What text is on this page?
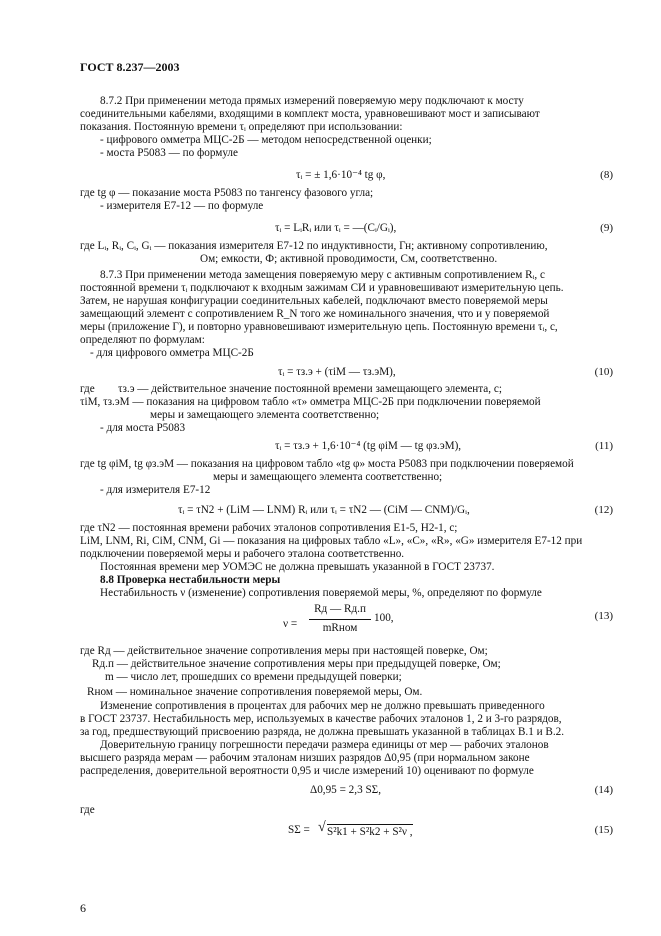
ГОСТ 8.237—2003
8.7.2 При применении метода прямых измерений поверяемую меру подключают к мосту
соединительными кабелями, входящими в комплект моста, уравновешивают мост и записывают
показания. Постоянную времени τᵢ определяют при использовании:
- цифрового омметра МЦС-2Б — методом непосредственной оценки;
- моста Р5083 — по формуле
τᵢ = ± 1,6·10⁻⁴ tg φ,	(8)
где tg φ — показание моста Р5083 по тангенсу фазового угла;
- измерителя Е7-12 — по формуле
τᵢ = LᵢRᵢ или τᵢ = —(Cᵢ/Gᵢ),	(9)
где Lᵢ, Rᵢ, Cᵢ, Gᵢ — показания измерителя Е7-12 по индуктивности, Гн; активному сопротивлению,
Ом; емкости, Ф; активной проводимости, См, соответственно.
8.7.3 При применении метода замещения поверяемую меру с активным сопротивлением Rᵢ, с
постоянной времени τᵢ подключают к входным зажимам СИ и уравновешивают измерительную цепь.
Затем, не нарушая конфигурации соединительных кабелей, подключают вместо поверяемой меры
замещающий элемент с сопротивлением R_N того же номинального значения, что и у поверяемой
меры (приложение Г), и повторно уравновешивают измерительную цепь. Постоянную времени τᵢ, с,
определяют по формулам:
- для цифрового омметра МЦС-2Б
τᵢ = τз.э + (τiM — τз.эM),	(10)
где τз.э — действительное значение постоянной времени замещающего элемента, с;
τiM, τз.эM — показания на цифровом табло «τ» омметра МЦС-2Б при подключении поверяемой
меры и замещающего элемента соответственно;
- для моста Р5083
τᵢ = τз.э + 1,6·10⁻⁴ (tg φiM — tg φз.эM),	(11)
где tg φiM, tg φз.эM — показания на цифровом табло «tg φ» моста Р5083 при подключении поверяемой
меры и замещающего элемента соответственно;
- для измерителя Е7-12
τᵢ = τN2 + (LiM — LNM) Rᵢ или τᵢ = τN2 — (CiM — CNM)/Gᵢ,	(12)
где τN2 — постоянная времени рабочих эталонов сопротивления Е1-5, Н2-1, с;
LiM, LNM, Ri, CiM, CNM, Gi — показания на цифровых табло «L», «C», «R», «G» измерителя Е7-12 при
подключении поверяемой меры и рабочего эталона соответственно.
Постоянная времени мер УОМЭС не должна превышать указанной в ГОСТ 23737.
8.8 Проверка нестабильности меры
Нестабильность ν (изменение) сопротивления поверяемой меры, %, определяют по формуле
ν =
Rд — Rд.п
mRном
100,	(13)
где Rд — действительное значение сопротивления меры при настоящей поверке, Ом;
Rд.п — действительное значение сопротивления меры при предыдущей поверке, Ом;
m — число лет, прошедших со времени предыдущей поверки;
Rном — номинальное значение сопротивления поверяемой меры, Ом.
Изменение сопротивления в процентах для рабочих мер не должно превышать приведенного
в ГОСТ 23737. Нестабильность мер, используемых в качестве рабочих эталонов 1, 2 и 3-го разрядов,
за год, предшествующий присвоению разряда, не должна превышать указанной в таблицах В.1 и В.2.
Доверительную границу погрешности передачи размера единицы от мер — рабочих эталонов
высшего разряда мерам — рабочим эталонам низших разрядов Δ0,95 (при нормальном законе
распределения, доверительной вероятности 0,95 и числе измерений 10) оценивают по формуле
Δ0,95 = 2,3 SΣ,	(14)
где
SΣ = √ S²k1 + S²k2 + S²ν ,	(15)
6
